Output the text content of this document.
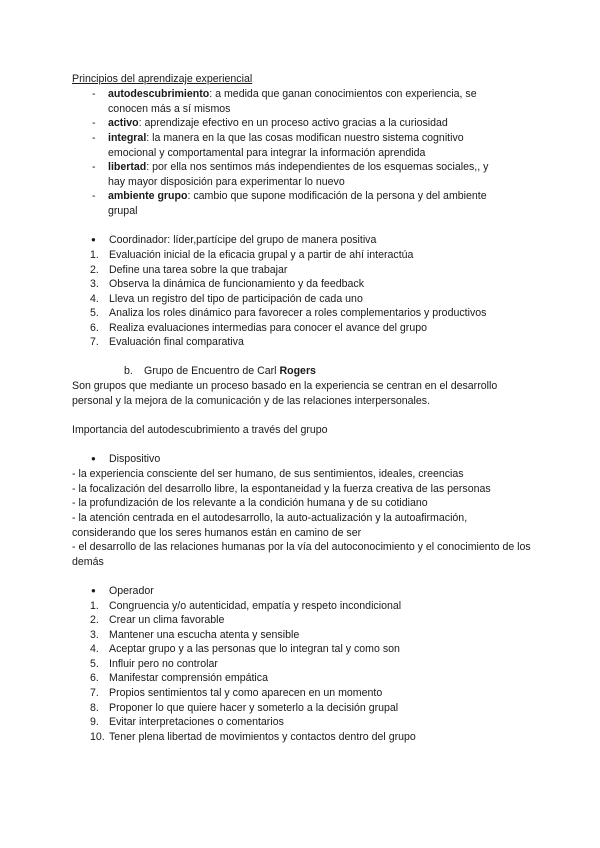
Principios del aprendizaje experiencial
- autodescubrimiento: a medida que ganan conocimientos con experiencia, se
conocen más a sí mismos
- activo: aprendizaje efectivo en un proceso activo gracias a la curiosidad
- integral: la manera en la que las cosas modifican nuestro sistema cognitivo
emocional y comportamental para integrar la información aprendida
- libertad: por ella nos sentimos más independientes de los esquemas sociales,, y
hay mayor disposición para experimentar lo nuevo
- ambiente grupo: cambio que supone modificación de la persona y del ambiente
grupal
●	Coordinador: líder,partícipe del grupo de manera positiva
1. Evaluación inicial de la eficacia grupal y a partir de ahí interactúa
2. Define una tarea sobre la que trabajar
3. Observa la dinámica de funcionamiento y da feedback
4. Lleva un registro del tipo de participación de cada uno
5. Analiza los roles dinámico para favorecer a roles complementarios y productivos
6. Realiza evaluaciones intermedias para conocer el avance del grupo
7. Evaluación final comparativa
b. Grupo de Encuentro de Carl Rogers
Son grupos que mediante un proceso basado en la experiencia se centran en el desarrollo personal y la mejora de la comunicación y de las relaciones interpersonales.
Importancia del autodescubrimiento a través del grupo
●	Dispositivo
- la experiencia consciente del ser humano, de sus sentimientos, ideales, creencias
- la focalización del desarrollo libre, la espontaneidad y la fuerza creativa de las personas
- la profundización de los relevante a la condición humana y de su cotidiano
- la atención centrada en el autodesarrollo, la auto-actualización y la autoafirmación, considerando que los seres humanos están en camino de ser
- el desarrollo de las relaciones humanas por la vía del autoconocimiento y el conocimiento de los demás
●	Operador
1. Congruencia y/o autenticidad, empatía y respeto incondicional
2. Crear un clima favorable
3. Mantener una escucha atenta y sensible
4. Aceptar grupo y a las personas que lo integran tal y como son
5. Influir pero no controlar
6. Manifestar comprensión empática
7. Propios sentimientos tal y como aparecen en un momento
8. Proponer lo que quiere hacer y someterlo a la decisión grupal
9. Evitar interpretaciones o comentarios
10. Tener plena libertad de movimientos y contactos dentro del grupo
